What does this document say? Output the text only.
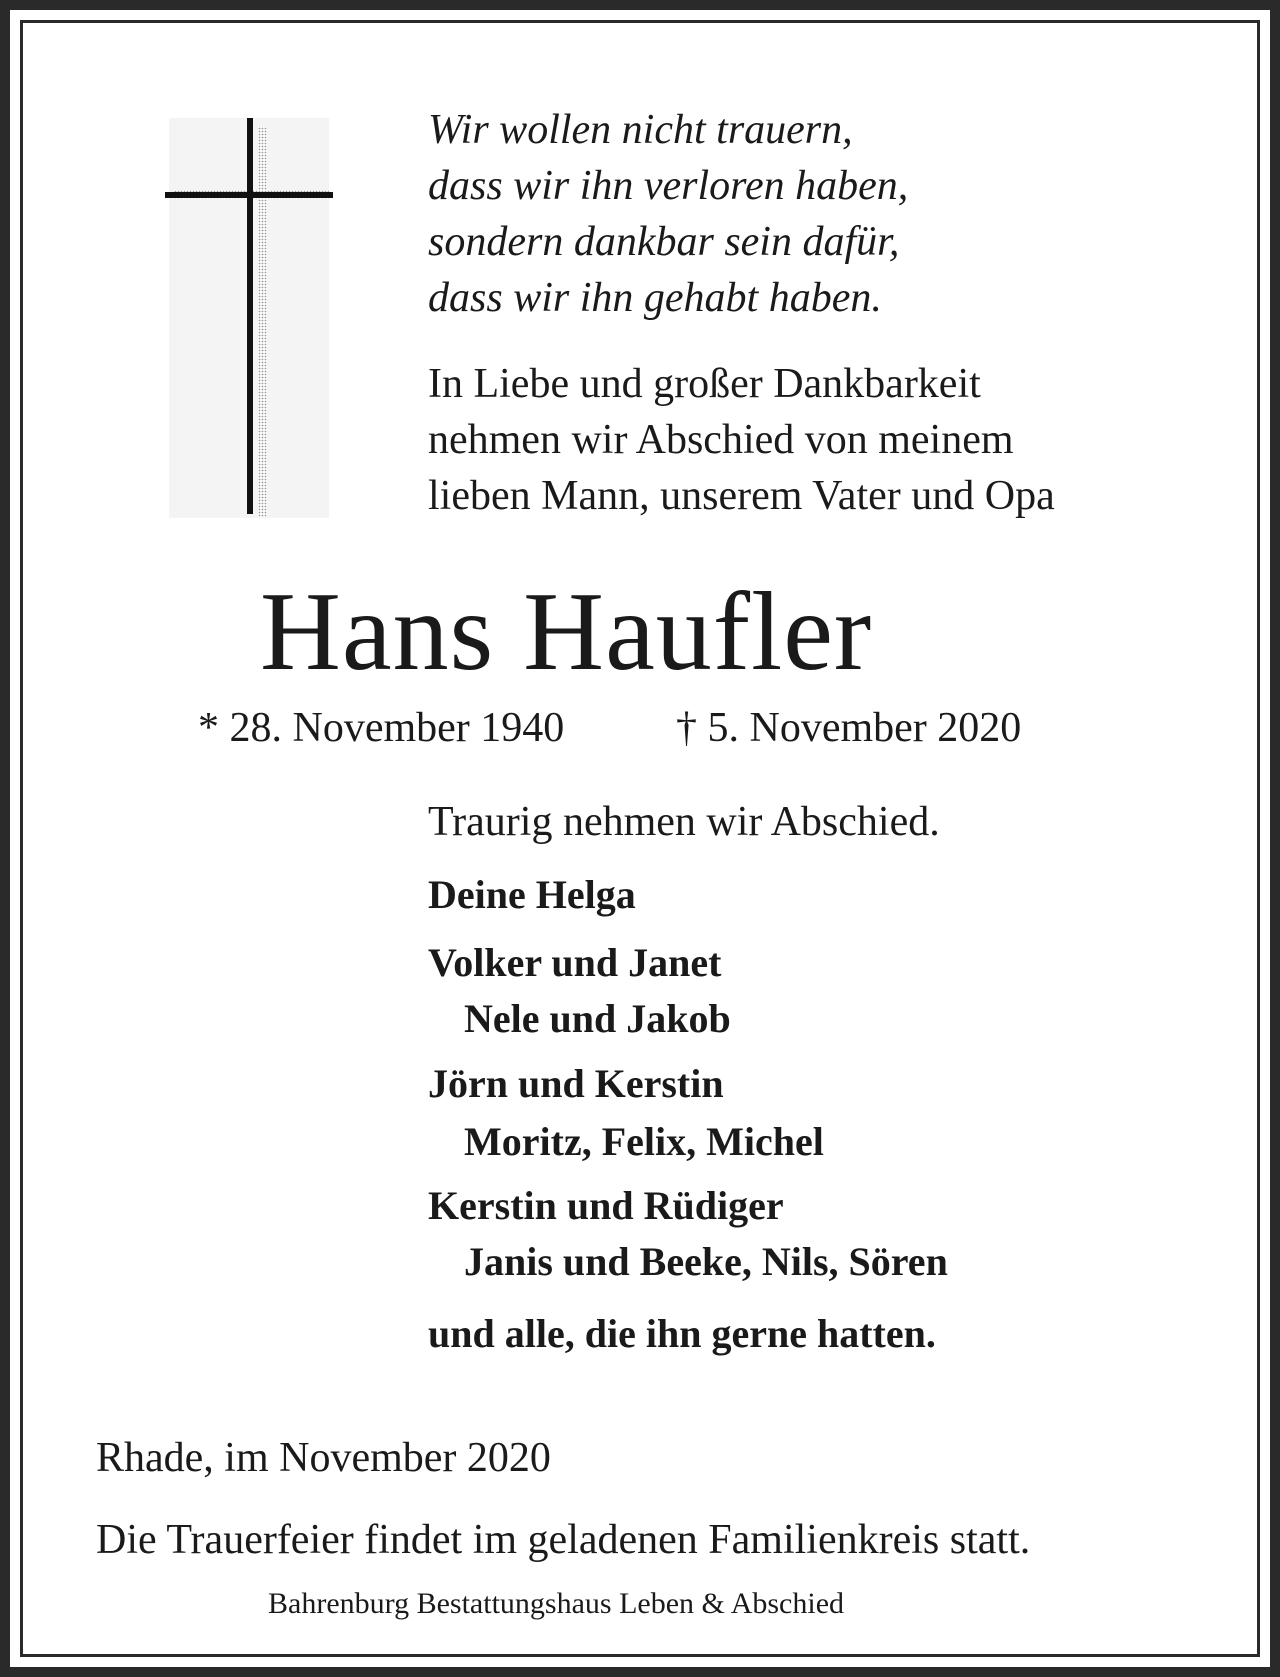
Wir wollen nicht trauern,
dass wir ihn verloren haben,
sondern dankbar sein dafür,
dass wir ihn gehabt haben.
In Liebe und großer Dankbarkeit
nehmen wir Abschied von meinem
lieben Mann, unserem Vater und Opa
Hans Haufler
* 28. November 1940	† 5. November 2020
Traurig nehmen wir Abschied.
Deine Helga
Volker und Janet
Nele und Jakob
Jörn und Kerstin
Moritz, Felix, Michel
Kerstin und Rüdiger
Janis und Beeke, Nils, Sören
und alle, die ihn gerne hatten.
Rhade, im November 2020
Die Trauerfeier findet im geladenen Familienkreis statt.
Bahrenburg Bestattungshaus Leben & Abschied
